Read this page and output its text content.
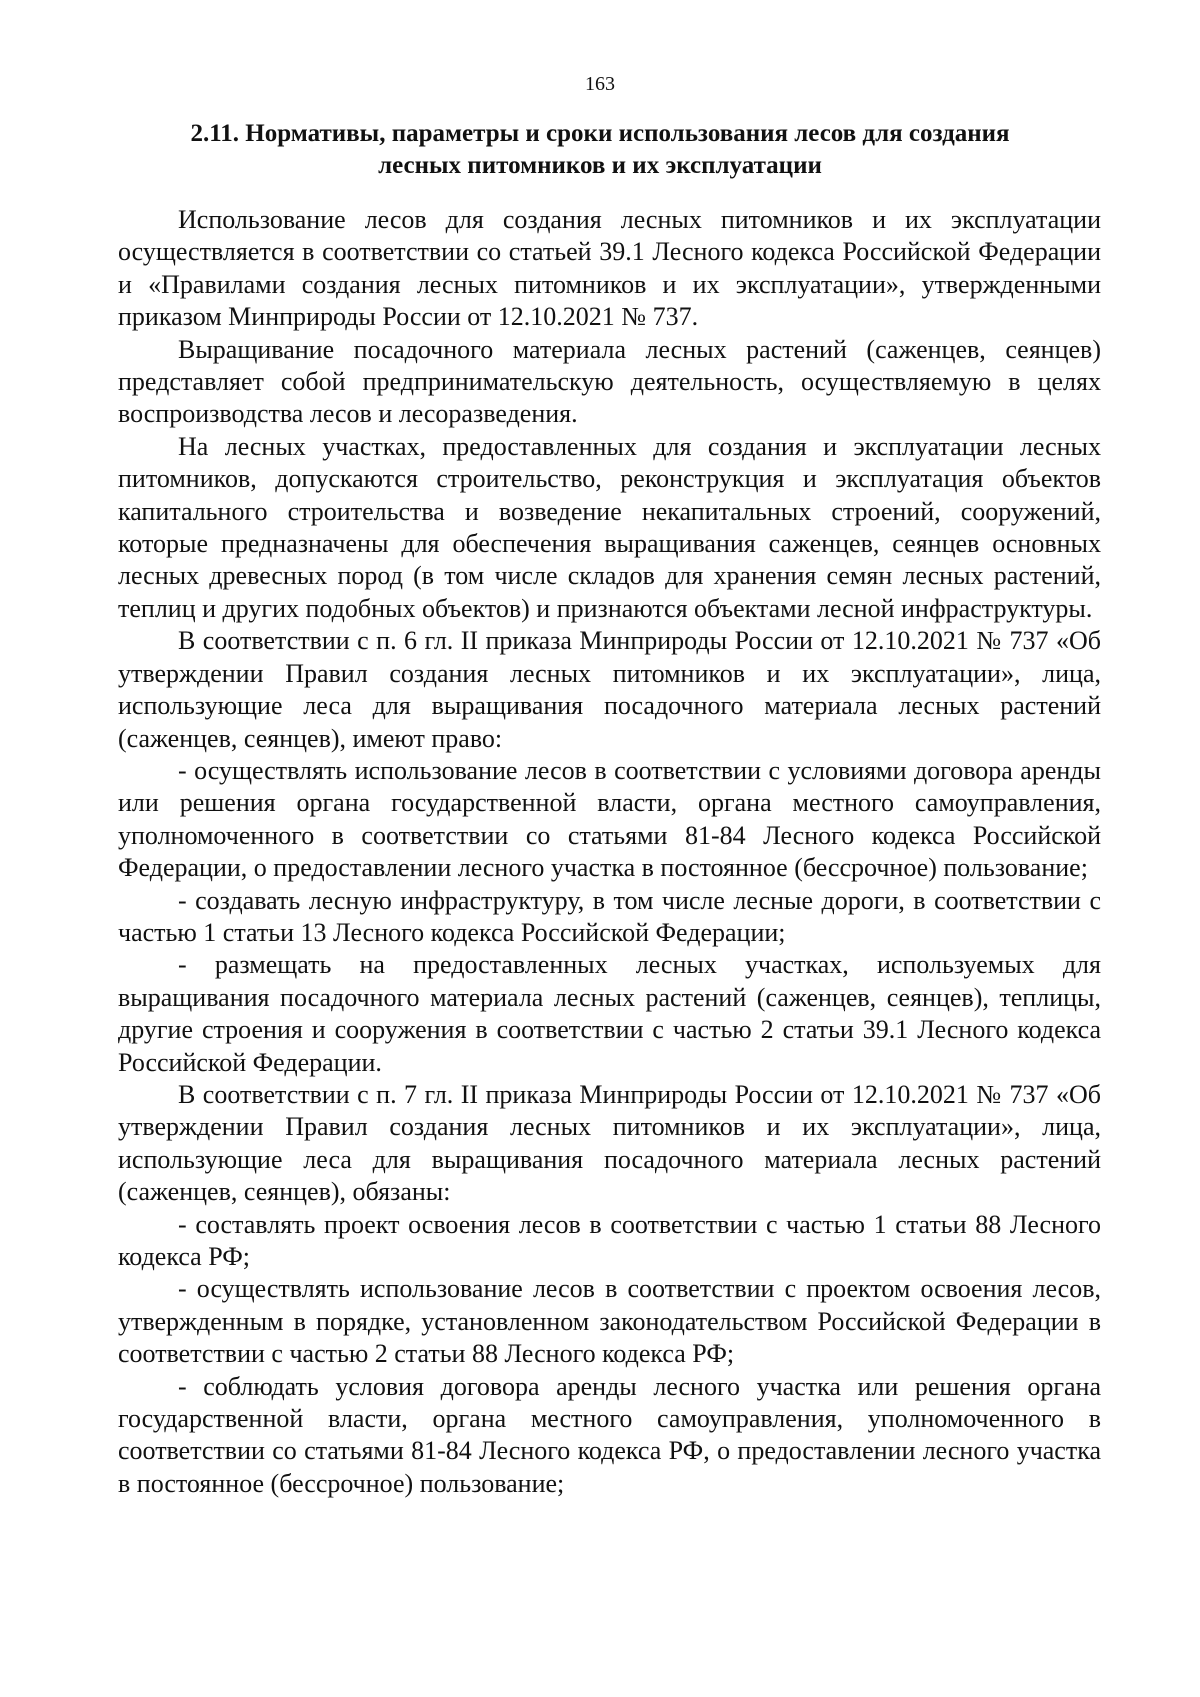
163
2.11. Нормативы, параметры и сроки использования лесов для создания
лесных питомников и их эксплуатации

Использование лесов для создания лесных питомников и их эксплуатации осуществляется в соответствии со статьей 39.1 Лесного кодекса Российской Федерации и «Правилами создания лесных питомников и их эксплуатации», утвержденными приказом Минприроды России от 12.10.2021 № 737.

Выращивание посадочного материала лесных растений (саженцев, сеянцев) представляет собой предпринимательскую деятельность, осуществляемую в целях воспроизводства лесов и лесоразведения.

На лесных участках, предоставленных для создания и эксплуатации лесных питомников, допускаются строительство, реконструкция и эксплуатация объектов капитального строительства и возведение некапитальных строений, сооружений, которые предназначены для обеспечения выращивания саженцев, сеянцев основных лесных древесных пород (в том числе складов для хранения семян лесных растений, теплиц и других подобных объектов) и признаются объектами лесной инфраструктуры.

В соответствии с п. 6 гл. II приказа Минприроды России от 12.10.2021 № 737 «Об утверждении Правил создания лесных питомников и их эксплуатации», лица, использующие леса для выращивания посадочного материала лесных растений (саженцев, сеянцев), имеют право:

- осуществлять использование лесов в соответствии с условиями договора аренды или решения органа государственной власти, органа местного самоуправления, уполномоченного в соответствии со статьями 81-84 Лесного кодекса Российской Федерации, о предоставлении лесного участка в постоянное (бессрочное) пользование;

- создавать лесную инфраструктуру, в том числе лесные дороги, в соответствии с частью 1 статьи 13 Лесного кодекса Российской Федерации;

- размещать на предоставленных лесных участках, используемых для выращивания посадочного материала лесных растений (саженцев, сеянцев), теплицы, другие строения и сооружения в соответствии с частью 2 статьи 39.1 Лесного кодекса Российской Федерации.

В соответствии с п. 7 гл. II приказа Минприроды России от 12.10.2021 № 737 «Об утверждении Правил создания лесных питомников и их эксплуатации», лица, использующие леса для выращивания посадочного материала лесных растений (саженцев, сеянцев), обязаны:

- составлять проект освоения лесов в соответствии с частью 1 статьи 88 Лесного кодекса РФ;

- осуществлять использование лесов в соответствии с проектом освоения лесов, утвержденным в порядке, установленном законодательством Российской Федерации в соответствии с частью 2 статьи 88 Лесного кодекса РФ;

- соблюдать условия договора аренды лесного участка или решения органа государственной власти, органа местного самоуправления, уполномоченного в соответствии со статьями 81-84 Лесного кодекса РФ, о предоставлении лесного участка в постоянное (бессрочное) пользование;
